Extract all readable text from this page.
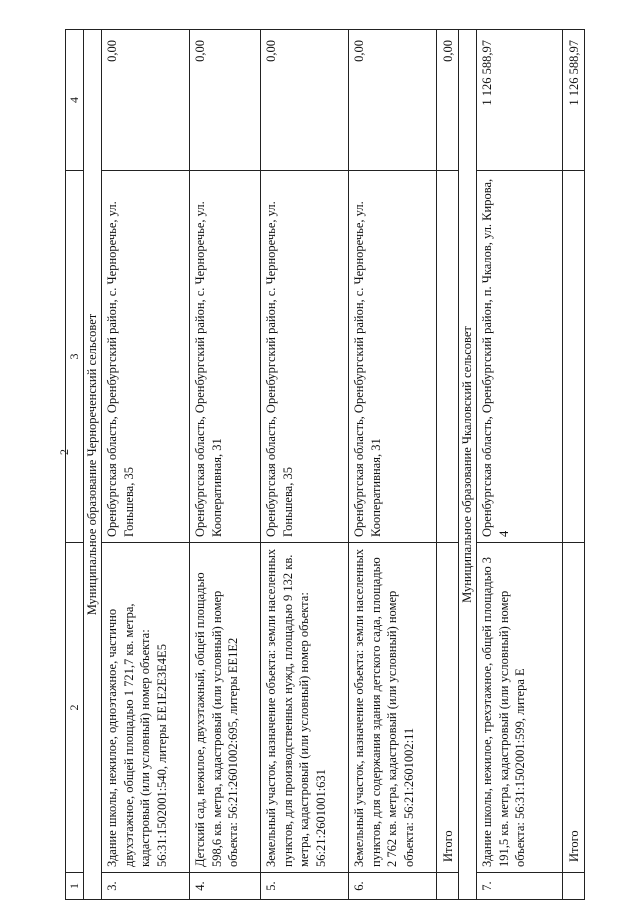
2
1	2	3	4
Муниципальное образование Чернореченский сельсовет			
3.	Здание школы, нежилое, одноэтажное, частично двухэтажное, общей площадью 1 721,7 кв. метра, кадастровый (или условный) номер объекта: 56:31:1502001:540, литеры ЕЕ1Е2Е3Е4Е5	Оренбургская область, Оренбургский район, с. Черноречье, ул. Гоньшева, 35	0,00
4.	Детский сад, нежилое, двухэтажный, общей площадью 598,6 кв. метра, кадастровый (или условный) номер объекта: 56:21:2601002:695, литеры ЕЕ1Е2	Оренбургская область, Оренбургский район, с. Черноречье, ул. Кооперативная, 31	0,00
5.	Земельный участок, назначение объекта: земли населенных пунктов, для производственных нужд, площадью 9 132 кв. метра, кадастровый (или условный) номер объекта: 56:21:2601001:631	Оренбургская область, Оренбургский район, с. Черноречье, ул. Гоньшева, 35	0,00
6.	Земельный участок, назначение объекта: земли населенных пунктов, для содержания здания детского сада, площадью 2 762 кв. метра, кадастровый (или условный) номер объекта: 56:21:2601002:11	Оренбургская область, Оренбургский район, с. Черноречье, ул. Кооперативная, 31	0,00
	Итого		0,00
Муниципальное образование Чкаловский сельсовет			
7.	Здание школы, нежилое, трехэтажное, общей площадью 3 191,5 кв. метра, кадастровый (или условный) номер объекта: 56:31:1502001:599, литера Е	Оренбургская область, Оренбургский район, п. Чкалов, ул. Кирова, 4	1 126 588,97
	Итого		1 126 588,97
